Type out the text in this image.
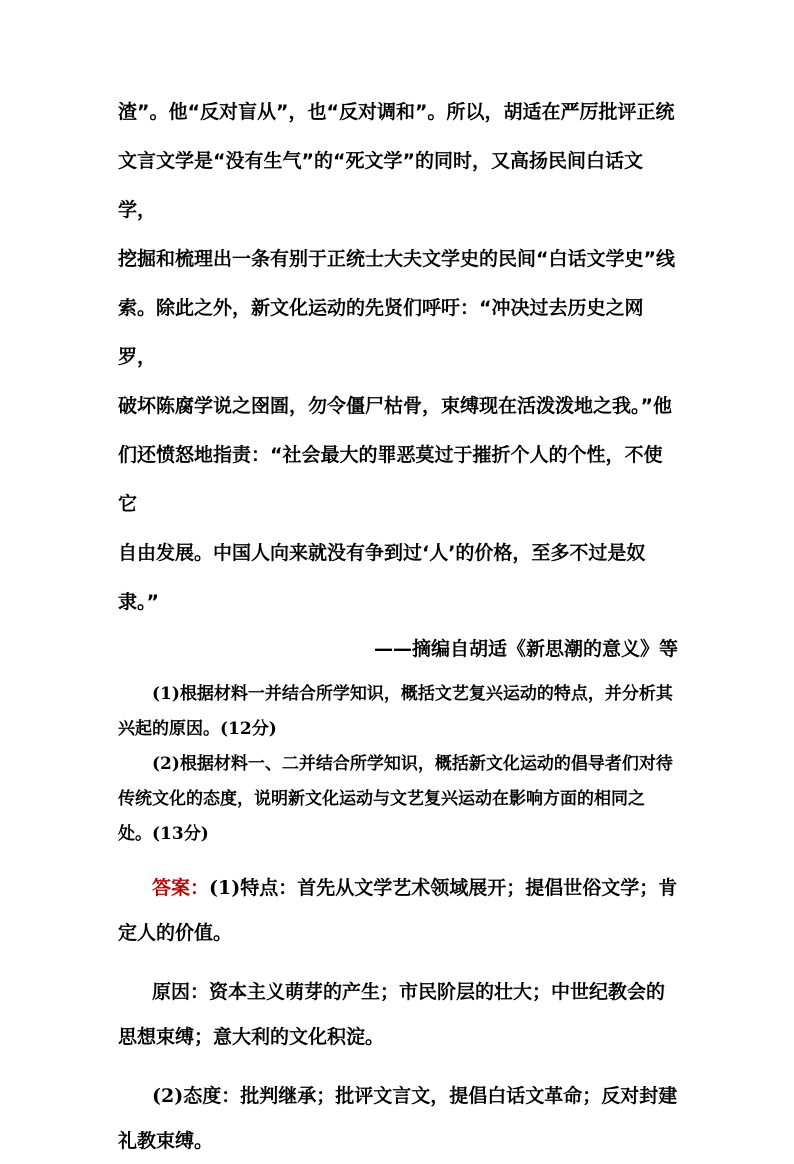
渣”。他“反对盲从”，也“反对调和”。所以，胡适在严厉批评正统

文言文学是“没有生气”的“死文学”的同时，又高扬民间白话文学，

挖掘和梳理出一条有别于正统士大夫文学史的民间“白话文学史”线

索。除此之外，新文化运动的先贤们呼吁：“冲决过去历史之网罗，

破坏陈腐学说之囹圄，勿令僵尸枯骨，束缚现在活泼泼地之我。”他

们还愤怒地指责：“社会最大的罪恶莫过于摧折个人的个性，不使它

自由发展。中国人向来就没有争到过‘人’的价格，至多不过是奴

隶。”

——摘编自胡适《新思潮的意义》等

(1)根据材料一并结合所学知识，概括文艺复兴运动的特点，并分析其兴起的原因。(12分)

(2)根据材料一、二并结合所学知识，概括新文化运动的倡导者们对待传统文化的态度，说明新文化运动与文艺复兴运动在影响方面的相同之处。(13分)

答案：(1)特点：首先从文学艺术领域展开；提倡世俗文学；肯定人的价值。

原因：资本主义萌芽的产生；市民阶层的壮大；中世纪教会的思想束缚；意大利的文化积淀。

(2)态度：批判继承；批评文言文，提倡白话文革命；反对封建礼教束缚。
